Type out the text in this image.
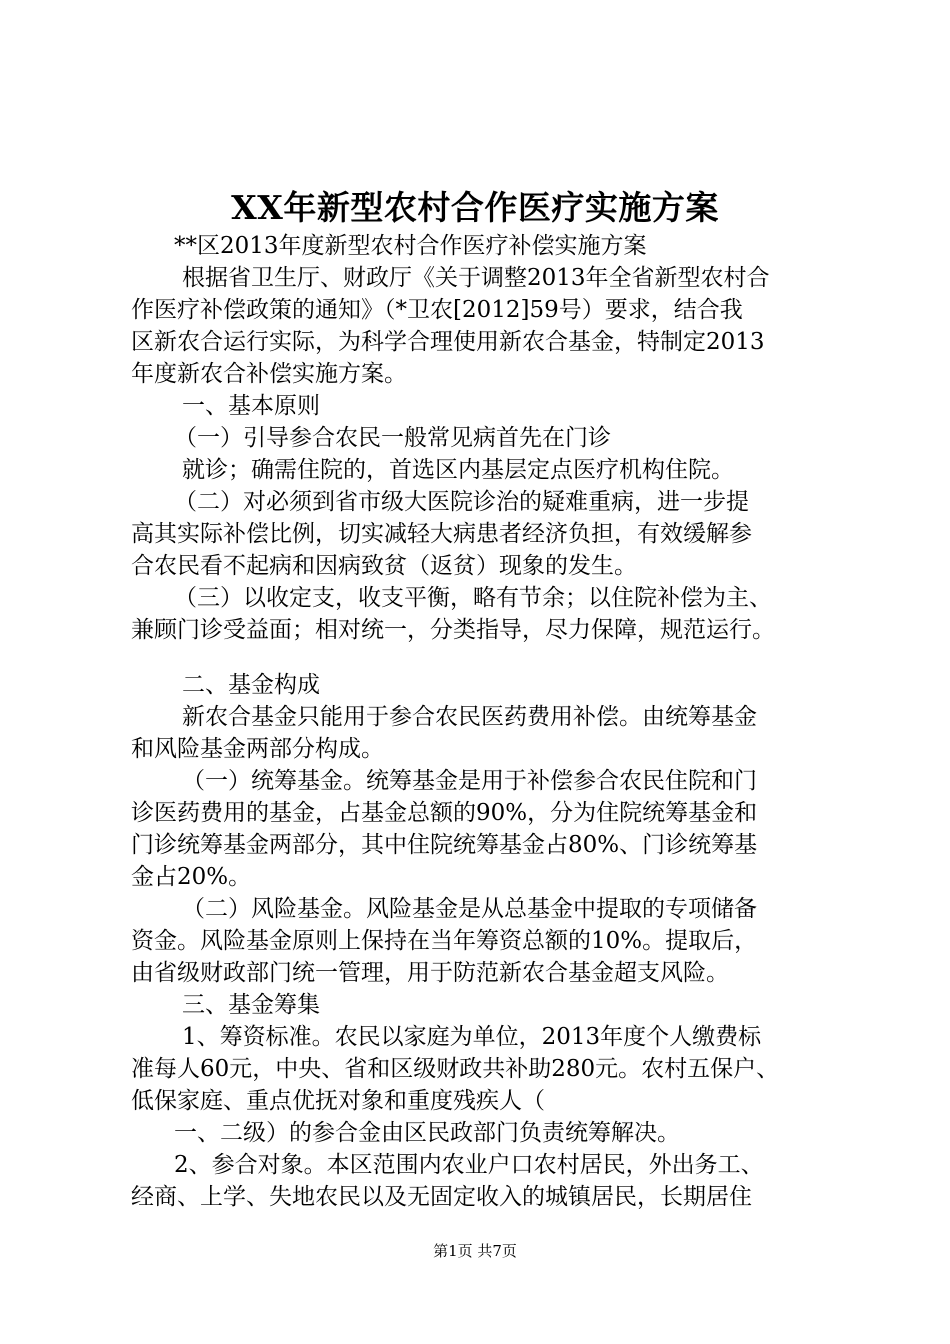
XX年新型农村合作医疗实施方案
**区2013年度新型农村合作医疗补偿实施方案
根据省卫生厅、财政厅《关于调整2013年全省新型农村合
作医疗补偿政策的通知》（*卫农[2012]59号）要求，结合我
区新农合运行实际，为科学合理使用新农合基金，特制定2013
年度新农合补偿实施方案。
一、基本原则
（一）引导参合农民一般常见病首先在门诊
就诊；确需住院的，首选区内基层定点医疗机构住院。
（二）对必须到省市级大医院诊治的疑难重病，进一步提
高其实际补偿比例，切实减轻大病患者经济负担，有效缓解参
合农民看不起病和因病致贫（返贫）现象的发生。
（三）以收定支，收支平衡，略有节余；以住院补偿为主、
兼顾门诊受益面；相对统一，分类指导，尽力保障，规范运行。
二、基金构成
新农合基金只能用于参合农民医药费用补偿。由统筹基金
和风险基金两部分构成。
（一）统筹基金。统筹基金是用于补偿参合农民住院和门
诊医药费用的基金，占基金总额的90%，分为住院统筹基金和
门诊统筹基金两部分，其中住院统筹基金占80%、门诊统筹基
金占20%。
（二）风险基金。风险基金是从总基金中提取的专项储备
资金。风险基金原则上保持在当年筹资总额的10%。提取后，
由省级财政部门统一管理，用于防范新农合基金超支风险。
三、基金筹集
1、筹资标准。农民以家庭为单位，2013年度个人缴费标
准每人60元，中央、省和区级财政共补助280元。农村五保户、
低保家庭、重点优抚对象和重度残疾人（
一、二级）的参合金由区民政部门负责统筹解决。
2、参合对象。本区范围内农业户口农村居民，外出务工、
经商、上学、失地农民以及无固定收入的城镇居民，长期居住
第1页 共7页
